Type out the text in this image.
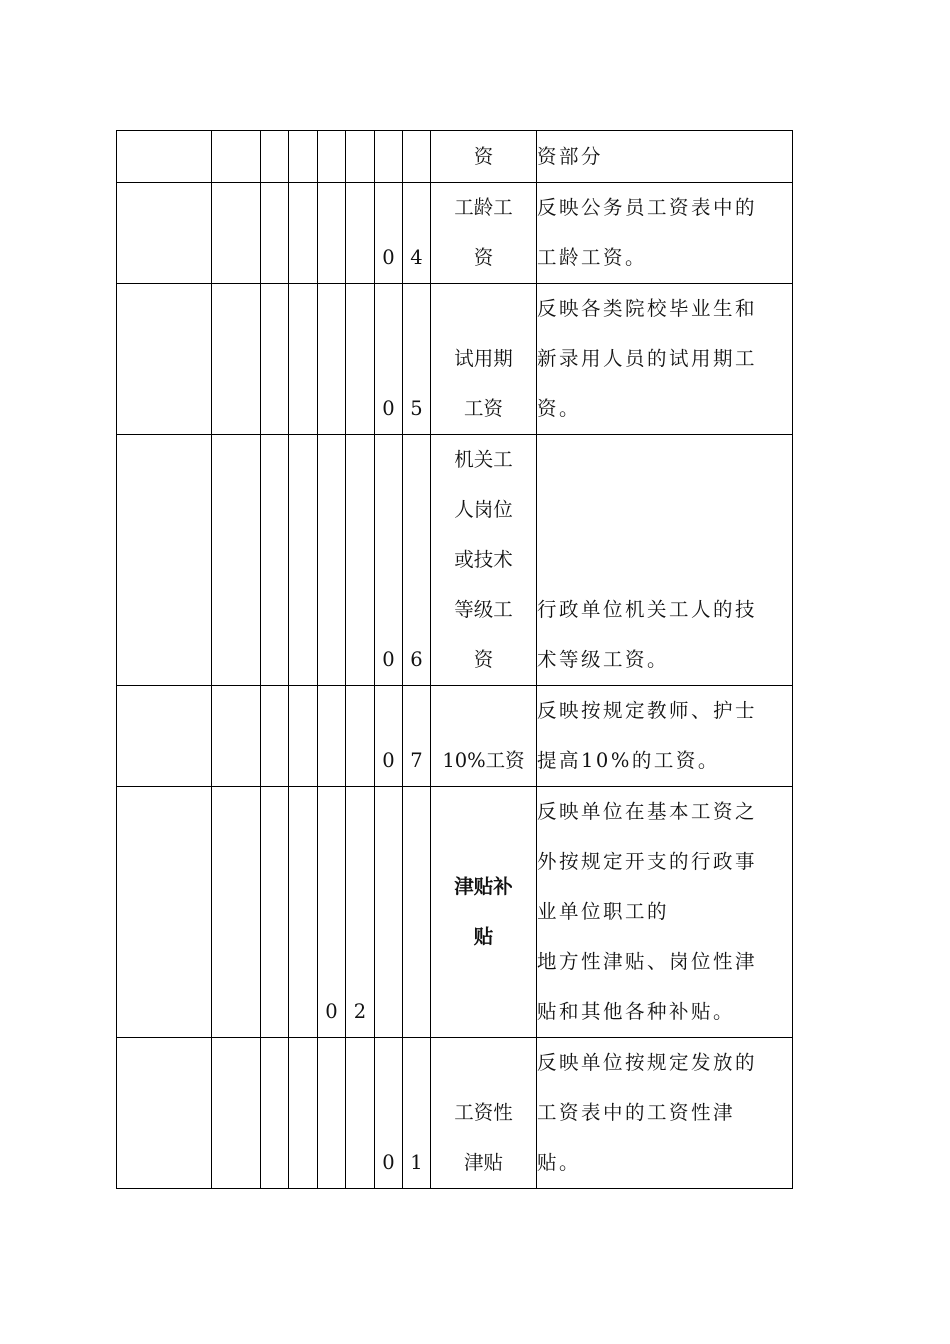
								资	资部分

						0	4	工龄工
资	反映公务员工资表中的
工龄工资。

						0	5	试用期
工资	反映各类院校毕业生和
新录用人员的试用期工
资。

						0	6	机关工
人岗位
或技术
等级工
资	行政单位机关工人的技
术等级工资。

						0	7	10%工资	反映按规定教师、护士
提高10%的工资。

				0	2			津贴补
贴	反映单位在基本工资之
外按规定开支的行政事
业单位职工的
地方性津贴、岗位性津
贴和其他各种补贴。

						0	1	工资性
津贴	反映单位按规定发放的
工资表中的工资性津
贴。
